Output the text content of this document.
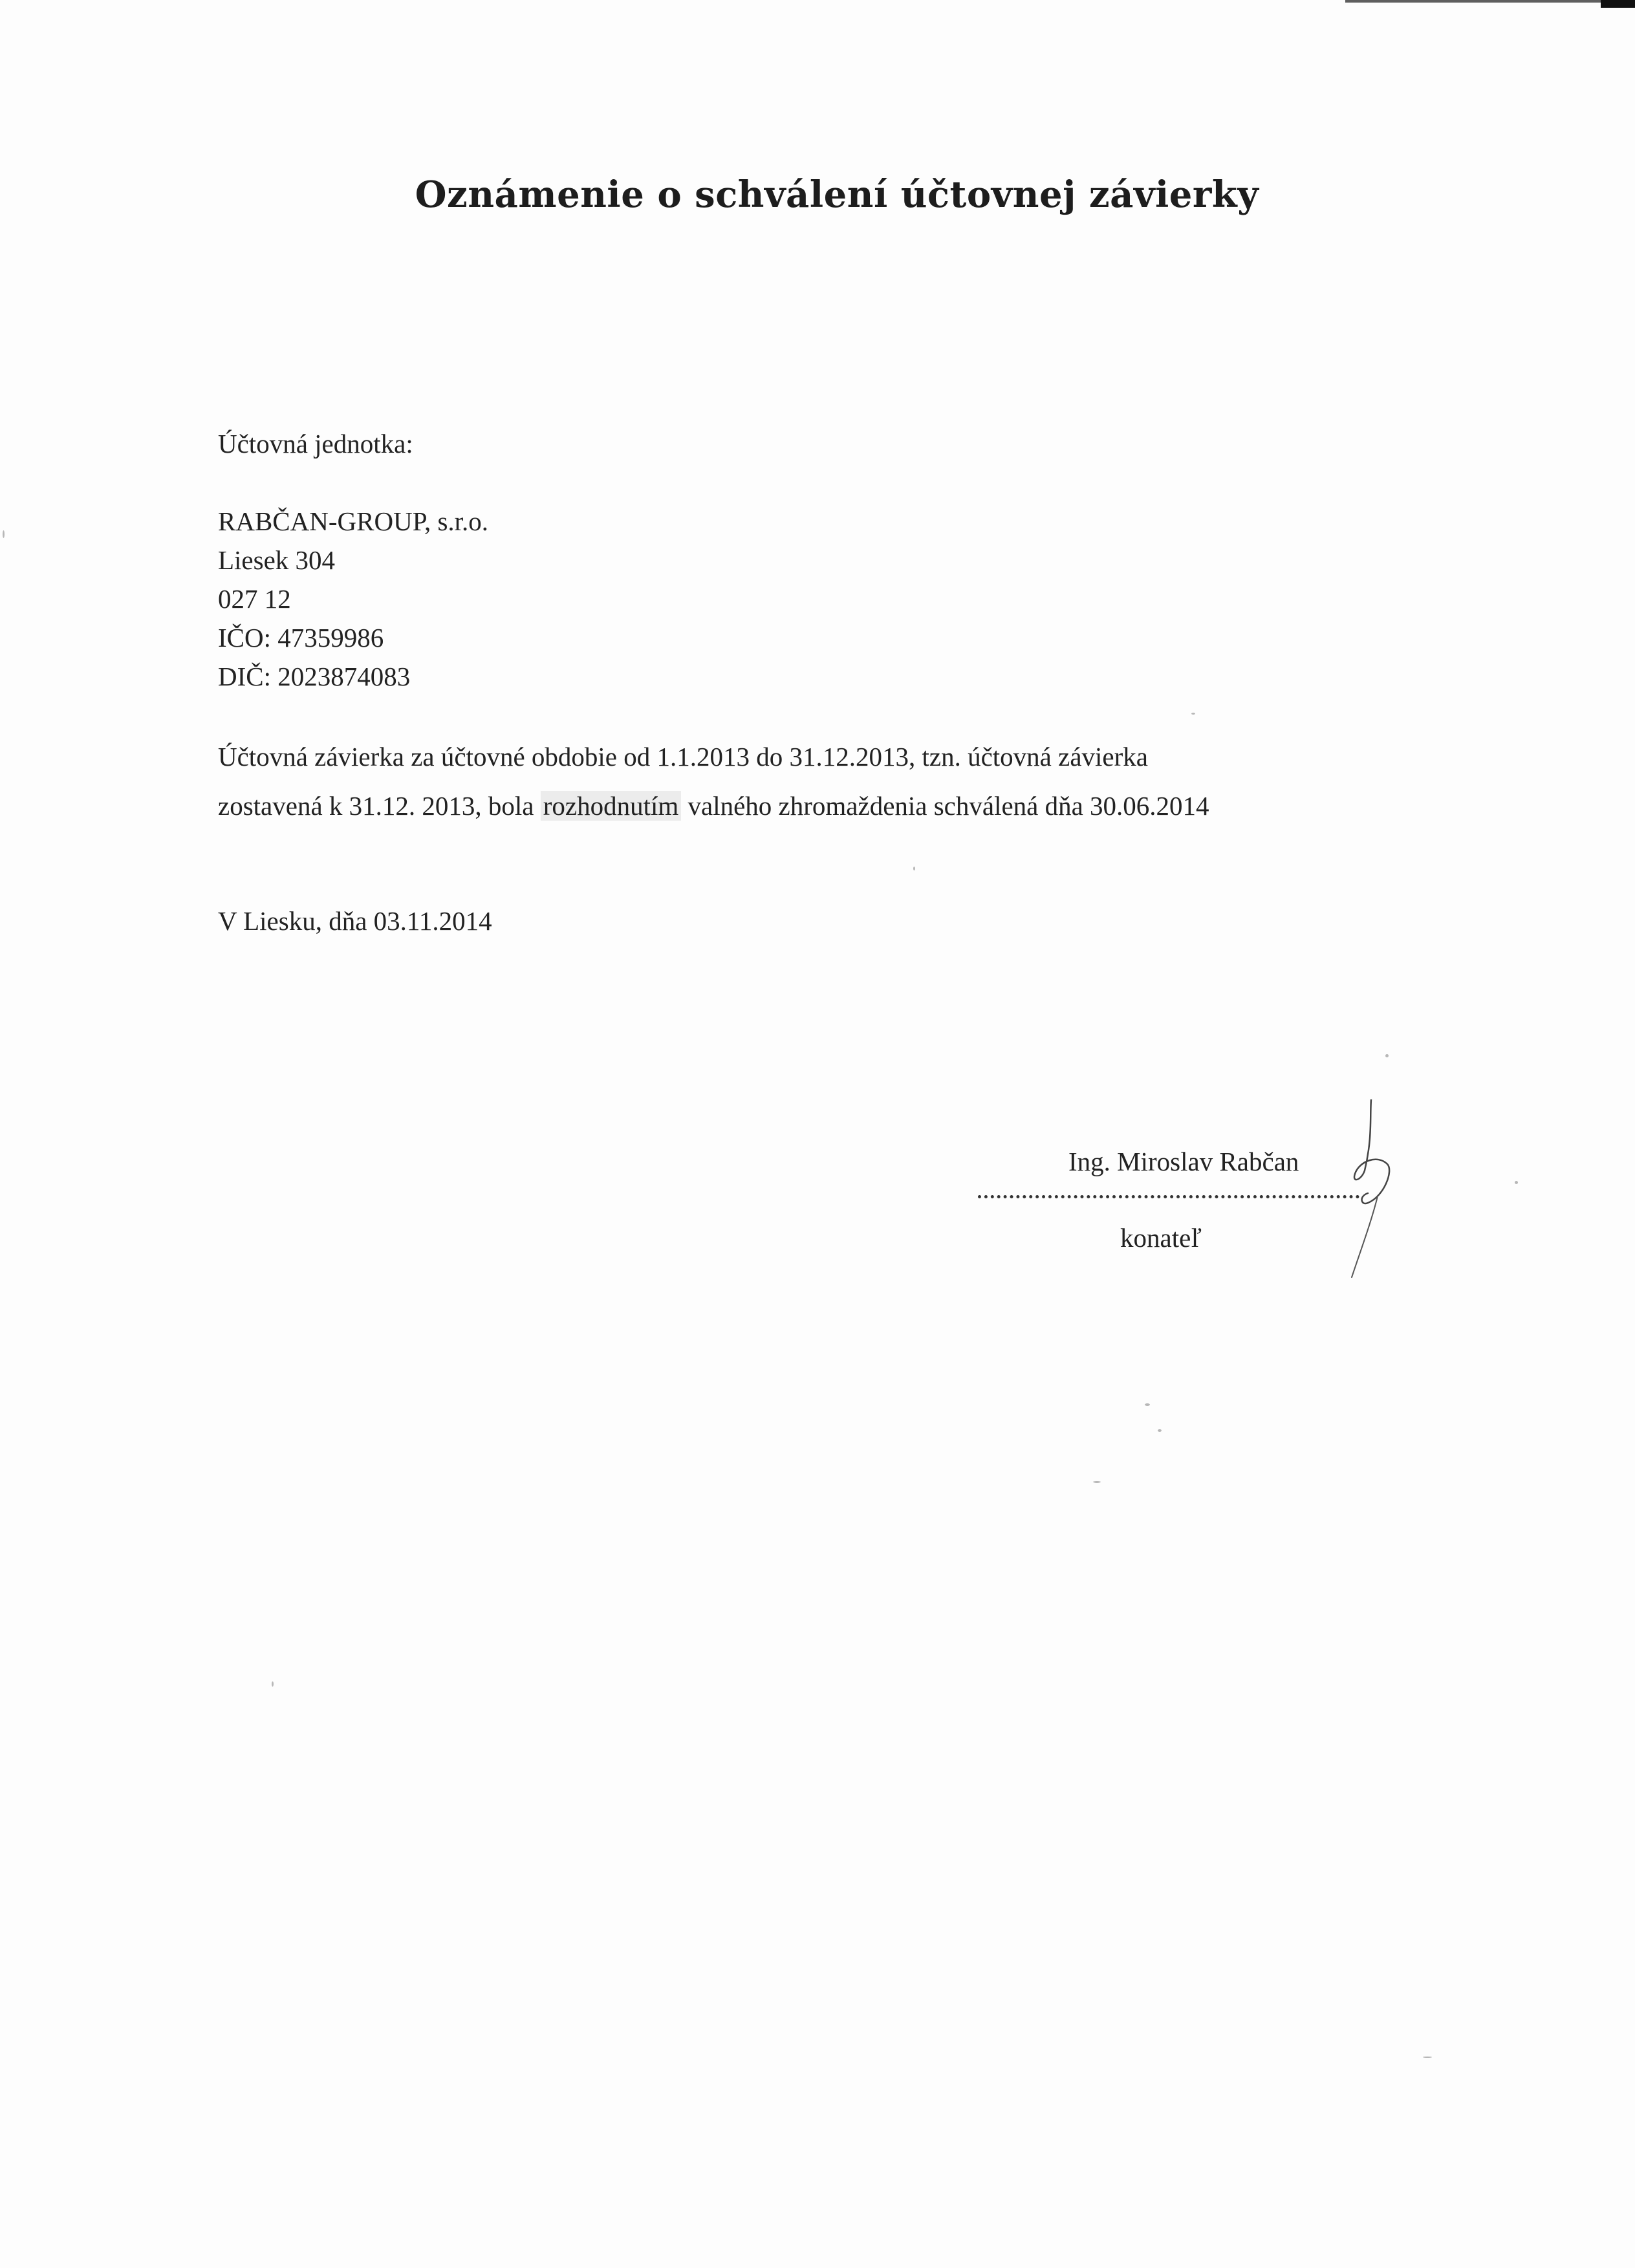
Oznámenie o schválení účtovnej závierky
Účtovná jednotka:
RABČAN-GROUP, s.r.o.
Liesek 304
027 12
IČO: 47359986
DIČ: 2023874083
Účtovná závierka za účtovné obdobie od 1.1.2013 do 31.12.2013, tzn. účtovná závierka
zostavená k 31.12. 2013, bola rozhodnutím valného zhromaždenia schválená dňa 30.06.2014
V Liesku, dňa 03.11.2014
Ing. Miroslav Rabčan
konateľ
